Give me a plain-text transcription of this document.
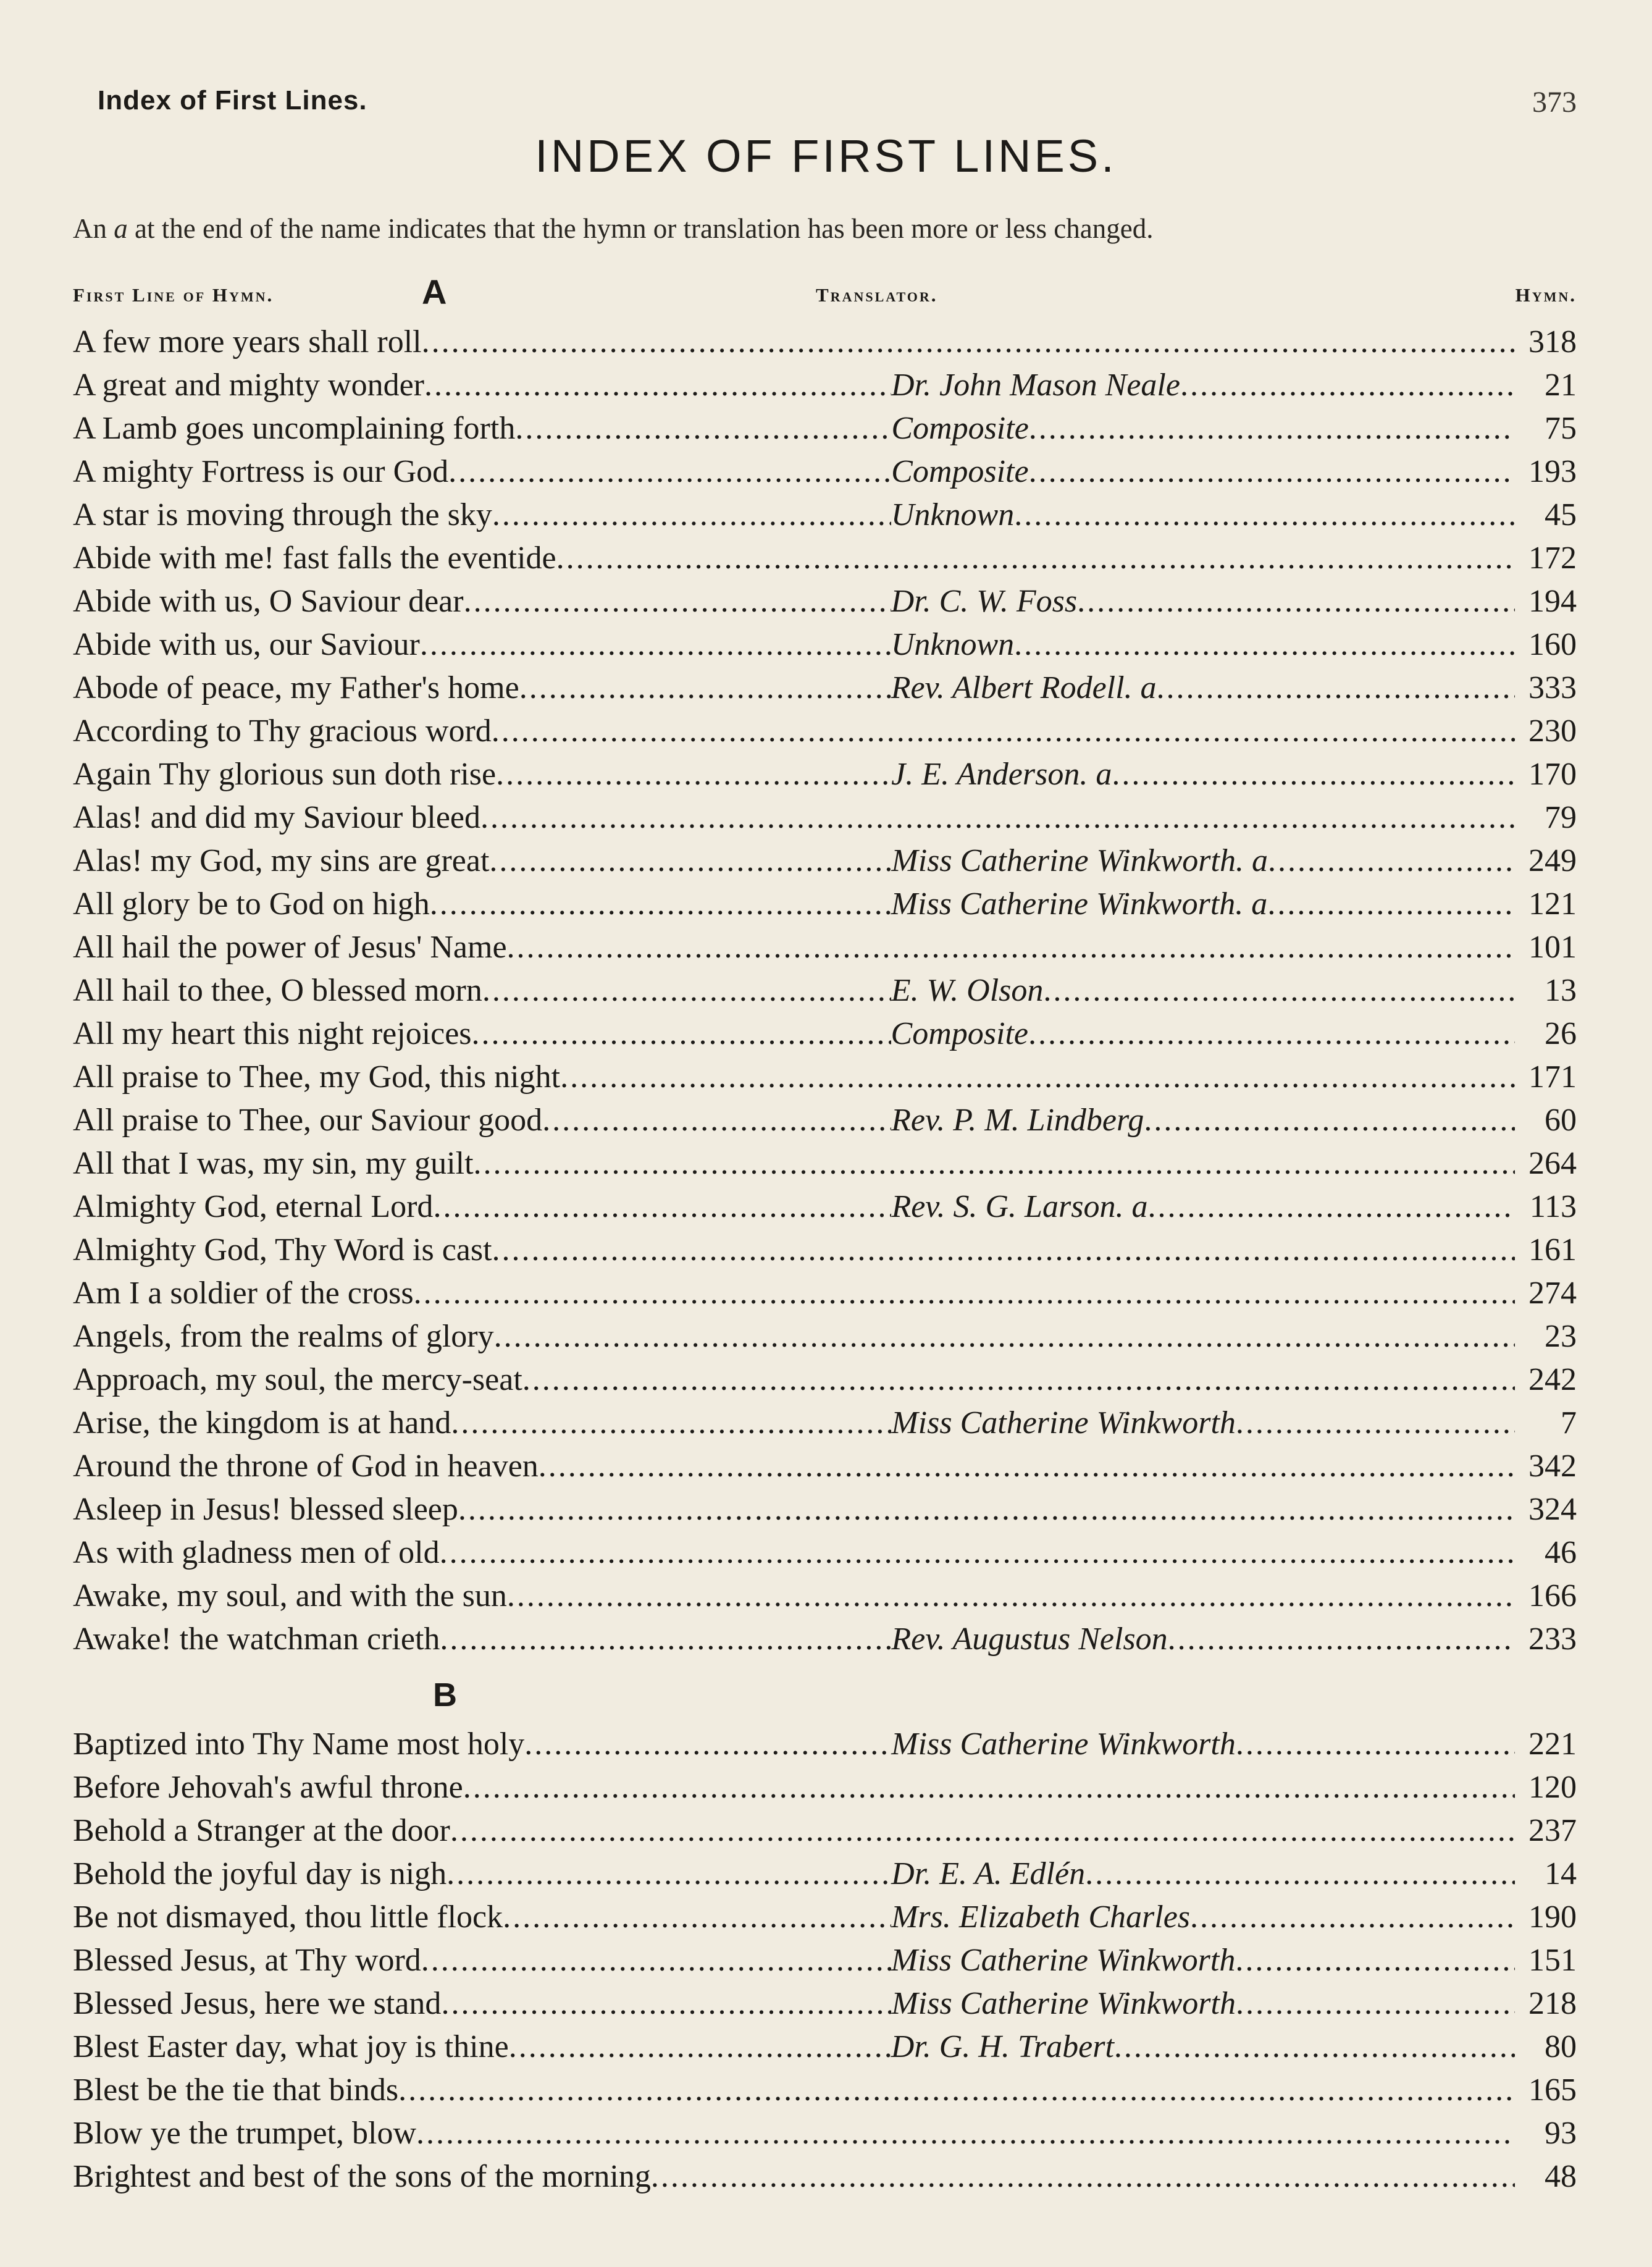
Index of First Lines.	373
INDEX OF FIRST LINES.
An a at the end of the name indicates that the hymn or translation has been more or less changed.
First Line of Hymn.	A	Translator.	Hymn.
A few more years shall roll .....	318
A great and mighty wonder .....	Dr. John Mason Neale .....	21
A Lamb goes uncomplaining forth .....	Composite .....	75
A mighty Fortress is our God .....	Composite .....	193
A star is moving through the sky .....	Unknown .....	45
Abide with me! fast falls the eventide .....	172
Abide with us, O Saviour dear .....	Dr. C. W. Foss .....	194
Abide with us, our Saviour .....	Unknown .....	160
Abode of peace, my Father's home .....	Rev. Albert Rodell. a .....	333
According to Thy gracious word .....	230
Again Thy glorious sun doth rise .....	J. E. Anderson. a .....	170
Alas! and did my Saviour bleed .....	79
Alas! my God, my sins are great .....	Miss Catherine Winkworth. a .....	249
All glory be to God on high .....	Miss Catherine Winkworth. a .....	121
All hail the power of Jesus' Name .....	101
All hail to thee, O blessed morn .....	E. W. Olson .....	13
All my heart this night rejoices .....	Composite .....	26
All praise to Thee, my God, this night .....	171
All praise to Thee, our Saviour good .....	Rev. P. M. Lindberg .....	60
All that I was, my sin, my guilt .....	264
Almighty God, eternal Lord .....	Rev. S. G. Larson. a .....	113
Almighty God, Thy Word is cast .....	161
Am I a soldier of the cross .....	274
Angels, from the realms of glory .....	23
Approach, my soul, the mercy-seat .....	242
Arise, the kingdom is at hand .....	Miss Catherine Winkworth .....	7
Around the throne of God in heaven .....	342
Asleep in Jesus! blessed sleep .....	324
As with gladness men of old .....	46
Awake, my soul, and with the sun .....	166
Awake! the watchman crieth .....	Rev. Augustus Nelson .....	233
B
Baptized into Thy Name most holy .....	Miss Catherine Winkworth .....	221
Before Jehovah's awful throne .....	120
Behold a Stranger at the door .....	237
Behold the joyful day is nigh .....	Dr. E. A. Edlén .....	14
Be not dismayed, thou little flock .....	Mrs. Elizabeth Charles .....	190
Blessed Jesus, at Thy word .....	Miss Catherine Winkworth .....	151
Blessed Jesus, here we stand .....	Miss Catherine Winkworth .....	218
Blest Easter day, what joy is thine .....	Dr. G. H. Trabert .....	80
Blest be the tie that binds .....	165
Blow ye the trumpet, blow .....	93
Brightest and best of the sons of the morning .....	48
